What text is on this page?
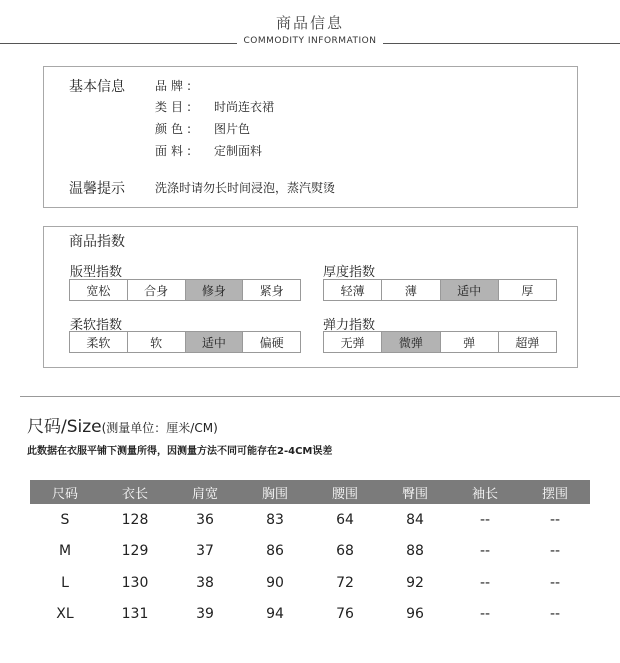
商品信息
COMMODITY INFORMATION
基本信息	品牌:
类目: 时尚连衣裙
颜色: 图片色
面料: 定制面料
温馨提示	洗涤时请勿长时间浸泡，蒸汽熨烫
商品指数
版型指数
宽松	合身	修身	紧身
厚度指数
轻薄	薄	适中	厚
柔软指数
柔软	软	适中	偏硬
弹力指数
无弹	微弹	弹	超弹
尺码/Size(测量单位：厘米/CM)
此数据在衣服平铺下测量所得，因测量方法不同可能存在2-4CM误差
尺码	衣长	肩宽	胸围	腰围	臀围	袖长	摆围
S	128	36	83	64	84	--	--
M	129	37	86	68	88	--	--
L	130	38	90	72	92	--	--
XL	131	39	94	76	96	--	--
